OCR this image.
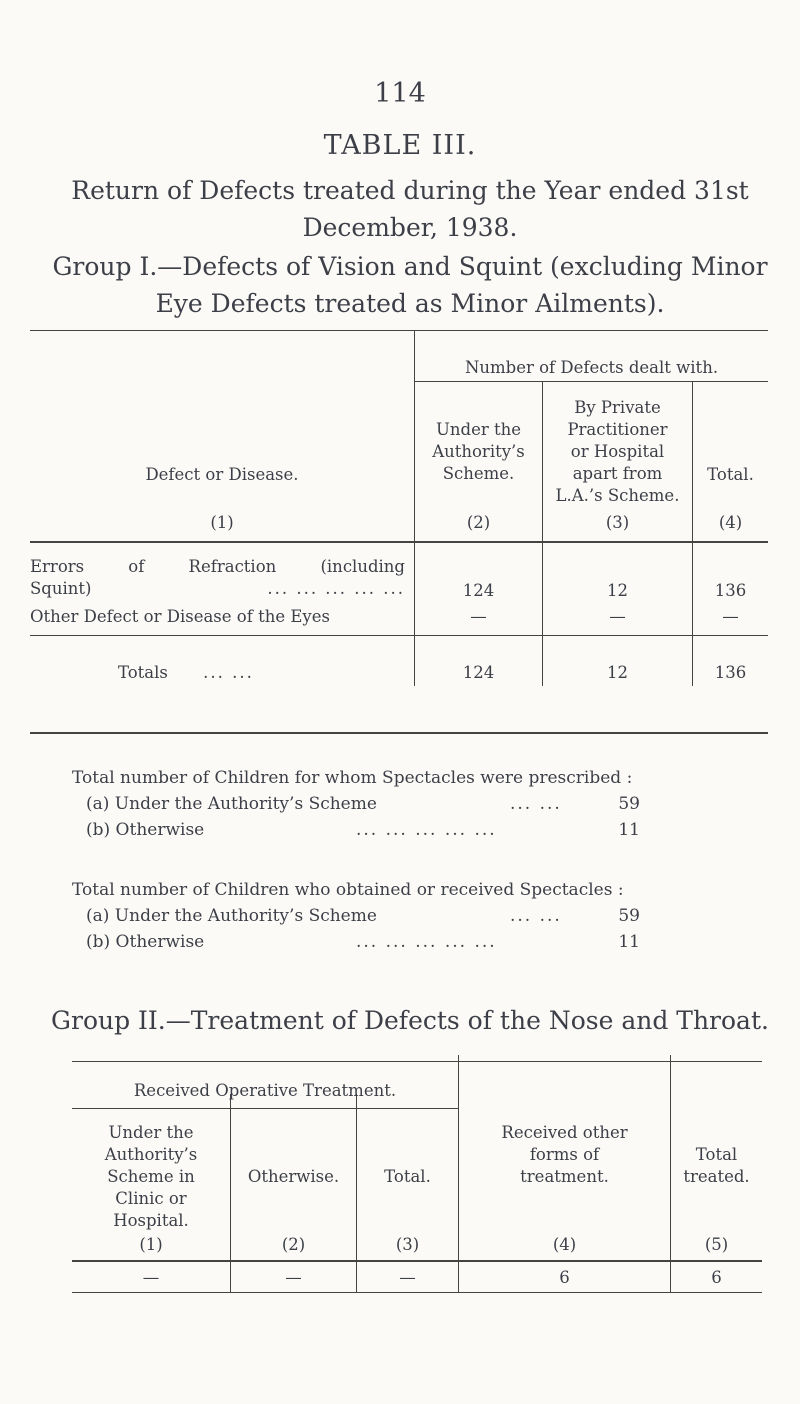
114
TABLE III.
Return of Defects treated during the Year ended 31st December, 1938.
Group I.—Defects of Vision and Squint (excluding Minor Eye Defects treated as Minor Ailments).
Number of Defects dealt with.
Defect or Disease.
(1)
Under the
Authority’s
Scheme.
(2)
By Private
Practitioner
or Hospital
apart from
L.A.’s Scheme.
(3)
Total.
(4)
Errors of Refraction (including
Squint)	... ... ... ... ...	124	12	136
Other Defect or Disease of the Eyes	—	—	—
Totals ... ...	124	12	136
Total number of Children for whom Spectacles were prescribed :
(a) Under the Authority’s Scheme	... ...	59
(b) Otherwise	... ... ... ... ...	11
Total number of Children who obtained or received Spectacles :
(a) Under the Authority’s Scheme	... ...	59
(b) Otherwise	... ... ... ... ...	11
Group II.—Treatment of Defects of the Nose and Throat.
Received Operative Treatment.
Under the
Authority’s
Scheme in
Clinic or
Hospital.
(1)
Otherwise.
(2)
Total.
(3)
Received other
forms of
treatment.
(4)
Total
treated.
(5)
—	—	—	6	6
